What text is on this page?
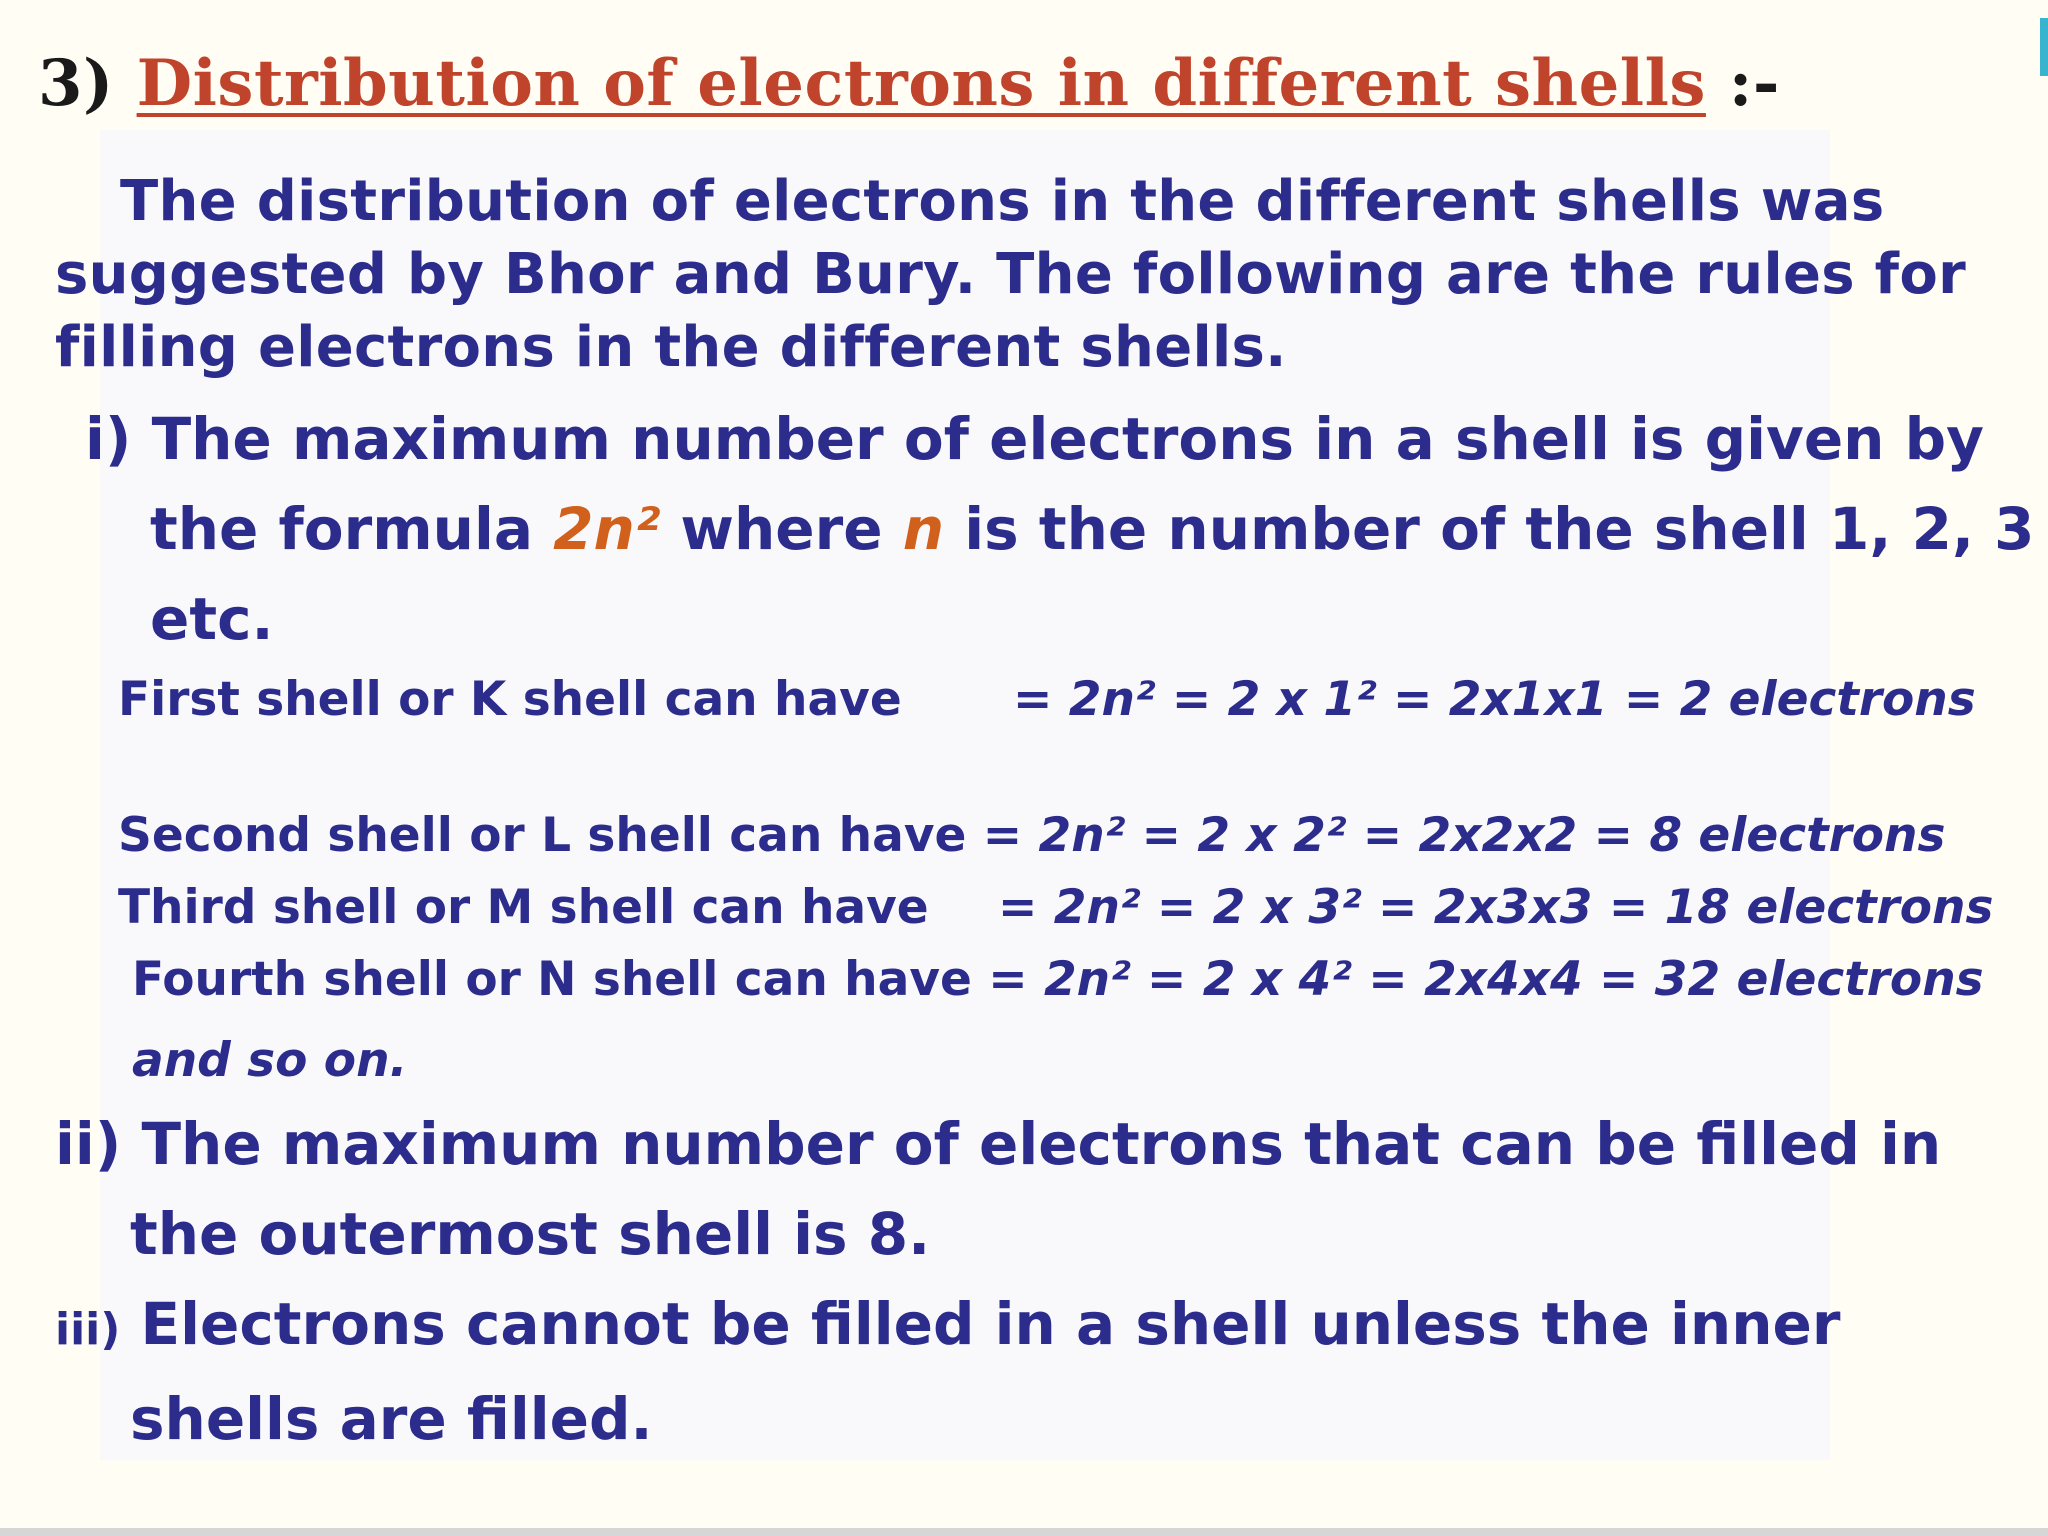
3) Distribution of electrons in different shells :-

The distribution of electrons in the different shells was suggested by Bhor and Bury. The following are the rules for filling electrons in the different shells.

i) The maximum number of electrons in a shell is given by

the formula 2n² where n is the number of the shell 1, 2, 3

etc.

First shell or K shell can have = 2n² = 2 x 1² = 2x1x1 = 2 electrons
Second shell or L shell can have = 2n² = 2 x 2² = 2x2x2 = 8 electrons
Third shell or M shell can have = 2n² = 2 x 3² = 2x3x3 = 18 electrons
Fourth shell or N shell can have = 2n² = 2 x 4² = 2x4x4 = 32 electrons

and so on.

ii) The maximum number of electrons that can be filled in

the outermost shell is 8.

iii) Electrons cannot be filled in a shell unless the inner

shells are filled.
